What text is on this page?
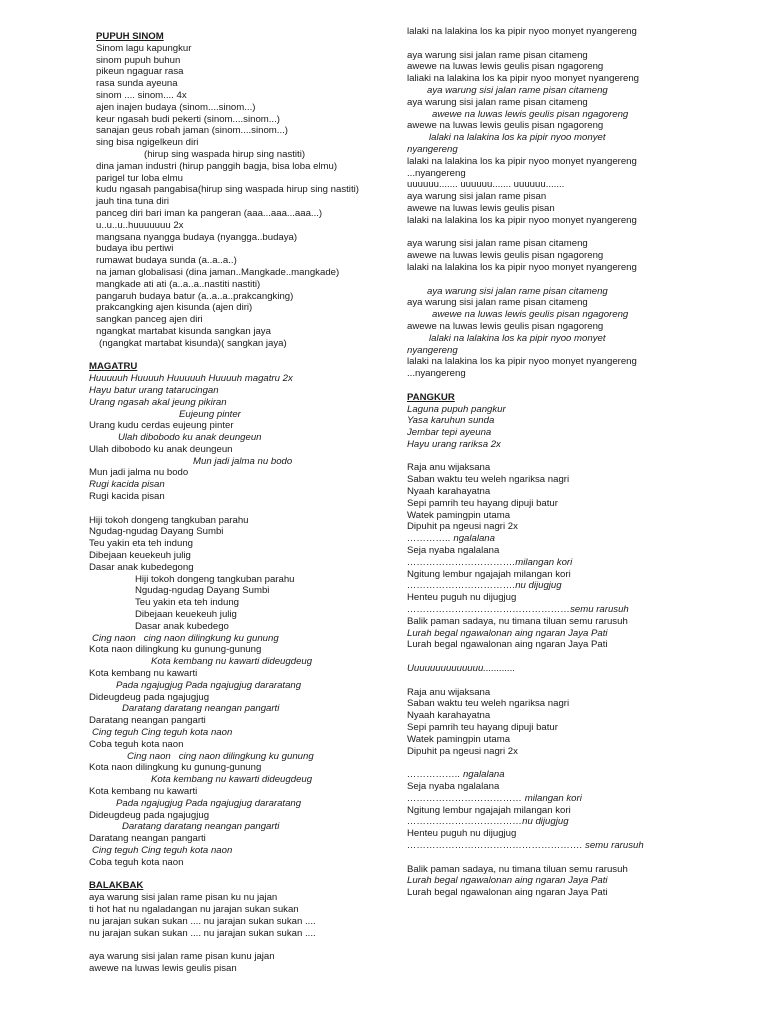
PUPUH SINOM
Sinom lagu kapungkur
sinom pupuh buhun
pikeun ngaguar rasa
rasa sunda ayeuna
sinom .... sinom.... 4x
ajen inajen budaya (sinom....sinom...)
keur ngasah budi pekerti (sinom....sinom...)
sanajan geus robah jaman (sinom....sinom...)
sing bisa ngigelkeun diri
(hirup sing waspada hirup sing nastiti)
dina jaman industri (hirup panggih bagja, bisa loba elmu)
parigel tur loba elmu
kudu ngasah pangabisa(hirup sing waspada hirup sing nastiti)
jauh tina tuna diri
panceg diri bari iman ka pangeran (aaa...aaa...aaa...)
u..u..u..huuuuuuu 2x
mangsana nyangga budaya (nyangga..budaya)
budaya ibu pertiwi
rumawat budaya sunda (a..a..a..)
na jaman globalisasi (dina jaman..Mangkade..mangkade)
mangkade ati ati (a..a..a..nastiti nastiti)
pangaruh budaya batur (a..a..a..prakcangking)
prakcangking ajen kisunda (ajen diri)
sangkan panceg ajen diri
ngangkat martabat kisunda sangkan jaya
(ngangkat martabat kisunda)( sangkan jaya)
MAGATRU
Huuuuuh Huuuuh Huuuuuh Huuuuh magatru 2x
Hayu batur urang tatarucingan
Urang ngasah akal jeung pikiran
Eujeung pinter
Urang kudu cerdas eujeung pinter
Ulah dibobodo ku anak deungeun
Ulah dibobodo ku anak deungeun
Mun jadi jalma nu bodo
Mun jadi jalma nu bodo
Rugi kacida pisan
Rugi kacida pisan
Hiji tokoh dongeng tangkuban parahu
Ngudag-ngudag Dayang Sumbi
Teu yakin eta teh indung
Dibejaan keuekeuh julig
Dasar anak kubedegong
Hiji tokoh dongeng tangkuban parahu
Ngudag-ngudag Dayang Sumbi
Teu yakin eta teh indung
Dibejaan keuekeuh julig
Dasar anak kubedego
Cing naon   cing naon dilingkung ku gunung
Kota naon dilingkung ku gunung-gunung
Kota kembang nu kawarti dideugdeug
Kota kembang nu kawarti
Pada ngajugjug Pada ngajugjug dararatang
Dideugdeug pada ngajugjug
Daratang daratang neangan pangarti
Daratang neangan pangarti
Cing teguh Cing teguh kota naon
Coba teguh kota naon
Cing naon   cing naon dilingkung ku gunung
Kota naon dilingkung ku gunung-gunung
Kota kembang nu kawarti dideugdeug
Kota kembang nu kawarti
Pada ngajugjug Pada ngajugjug dararatang
Dideugdeug pada ngajugjug
Daratang daratang neangan pangarti
Daratang neangan pangarti
Cing teguh Cing teguh kota naon
Coba teguh kota naon
BALAKBAK
aya warung sisi jalan rame pisan ku nu jajan
ti hot hat nu ngaladangan nu jarajan sukan sukan
nu jarajan sukan sukan .... nu jarajan sukan sukan ....
nu jarajan sukan sukan .... nu jarajan sukan sukan ....
aya warung sisi jalan rame pisan kunu jajan
awewe na luwas lewis geulis pisan
lalaki na lalakina los ka pipir nyoo monyet nyangereng
aya warung sisi jalan rame pisan citameng
awewe na luwas lewis geulis pisan ngagoreng
laliaki na lalakina los ka pipir nyoo monyet nyangereng
aya warung sisi jalan rame pisan citameng
aya warung sisi jalan rame pisan citameng
awewe na luwas lewis geulis pisan ngagoreng
awewe na luwas lewis geulis pisan ngagoreng
lalaki na lalakina los ka pipir nyoo monyet
nyangereng
lalaki na lalakina los ka pipir nyoo monyet nyangereng
...nyangereng
uuuuuu....... uuuuuu....... uuuuuu.......
aya warung sisi jalan rame pisan
awewe na luwas lewis geulis pisan
lalaki na lalakina los ka pipir nyoo monyet nyangereng
aya warung sisi jalan rame pisan citameng
awewe na luwas lewis geulis pisan ngagoreng
lalaki na lalakina los ka pipir nyoo monyet nyangereng
aya warung sisi jalan rame pisan citameng
aya warung sisi jalan rame pisan citameng
awewe na luwas lewis geulis pisan ngagoreng
awewe na luwas lewis geulis pisan ngagoreng
lalaki na lalakina los ka pipir nyoo monyet
nyangereng
lalaki na lalakina los ka pipir nyoo monyet nyangereng
...nyangereng
PANGKUR
Laguna pupuh pangkur
Yasa karuhun sunda
Jembar tepi ayeuna
Hayu urang rariksa 2x
Raja anu wijaksana
Saban waktu teu weleh ngariksa nagri
Nyaah karahayatna
Sepi pamrih teu hayang dipuji batur
Watek pamingpin utama
Dipuhit pa ngeusi nagri 2x
………….. ngalalana
Seja nyaba ngalalana
…………………………….milangan kori
Ngitung lembur ngajajah milangan kori
…………………………….nu dijugjug
Henteu puguh nu dijugjug
……………………………………………semu rarusuh
Balik paman sadaya, nu timana tiluan semu rarusuh
Lurah begal ngawalonan aing ngaran Jaya Pati
Lurah begal ngawalonan aing ngaran Jaya Pati
Uuuuuuuuuuuuuu............
Raja anu wijaksana
Saban waktu teu weleh ngariksa nagri
Nyaah karahayatna
Sepi pamrih teu hayang dipuji batur
Watek pamingpin utama
Dipuhit pa ngeusi nagri 2x
…………….. ngalalana
Seja nyaba ngalalana
……………………………… milangan kori
Ngitung lembur ngajajah milangan kori
………………………………nu dijugjug
Henteu puguh nu dijugjug
………………………………………………. semu rarusuh
Balik paman sadaya, nu timana tiluan semu rarusuh
Lurah begal ngawalonan aing ngaran Jaya Pati
Lurah begal ngawalonan aing ngaran Jaya Pati
